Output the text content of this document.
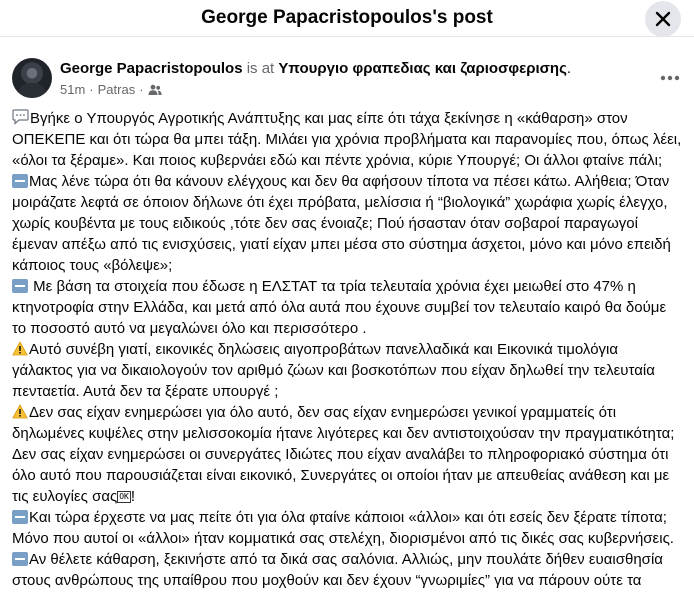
George Papacristopoulos's post
George Papacristopoulos is at Υπουργιο φραπεδιας και ζαριοσφερισης.
51m · Patras ·

Βγήκε ο Υπουργός Αγροτικής Ανάπτυξης και μας είπε ότι τάχα ξεκίνησε η «κάθαρση» στον ΟΠΕΚΕΠΕ και ότι τώρα θα μπει τάξη. Μιλάει για χρόνια προβλήματα και παρανομίες που, όπως λέει, «όλοι τα ξέραμε». Και ποιος κυβερνάει εδώ και πέντε χρόνια, κύριε Υπουργέ; Οι άλλοι φταίνε πάλι;

Μας λένε τώρα ότι θα κάνουν ελέγχους και δεν θα αφήσουν τίποτα να πέσει κάτω. Αλήθεια; Όταν μοιράζατε λεφτά σε όποιον δήλωνε ότι έχει πρόβατα, μελίσσια ή “βιολογικά” χωράφια χωρίς έλεγχο, χωρίς κουβέντα με τους ειδικούς ,τότε δεν σας ένοιαζε; Πού ήσασταν όταν σοβαροί παραγωγοί έμεναν απέξω από τις ενισχύσεις, γιατί είχαν μπει μέσα στο σύστημα άσχετοι, μόνο και μόνο επειδή κάποιος τους «βόλεψε»;

Με βάση τα στοιχεία που έδωσε η ΕΛΣΤΑΤ τα τρία τελευταία χρόνια έχει μειωθεί στο 47% η κτηνοτροφία στην Ελλάδα, και μετά από όλα αυτά που έχουνε συμβεί τον τελευταίο καιρό θα δούμε το ποσοστό αυτό να μεγαλώνει όλο και περισσότερο .

Αυτό συνέβη γιατί, εικονικές δηλώσεις αιγοπροβάτων πανελλαδικά και Εικονικά τιμολόγια γάλακτος για να δικαιολογούν τον αριθμό ζώων και βοσκοτόπων που είχαν δηλωθεί την τελευταία πενταετία. Αυτά δεν τα ξέρατε υπουργέ ;

Δεν σας είχαν ενημερώσει για όλο αυτό, δεν σας είχαν ενημερώσει γενικοί γραμματείς ότι δηλωμένες κυψέλες στην μελισσοκομία ήτανε λιγότερες και δεν αντιστοιχούσαν την πραγματικότητα; Δεν σας είχαν ενημερώσει οι συνεργάτες Ιδιώτες που είχαν αναλάβει το πληροφοριακό σύστημα ότι όλο αυτό που παρουσιάζεται είναι εικονικό, Συνεργάτες οι οποίοι ήταν με απευθείας ανάθεση και με τις ευλογίες σας OK !

Και τώρα έρχεστε να μας πείτε ότι για όλα φταίνε κάποιοι «άλλοι» και ότι εσείς δεν ξέρατε τίποτα; Μόνο που αυτοί οι «άλλοι» ήταν κομματικά σας στελέχη, διορισμένοι από τις δικές σας κυβερνήσεις.

Αν θέλετε κάθαρση, ξεκινήστε από τα δικά σας σαλόνια. Αλλιώς, μην πουλάτε δήθεν ευαισθησία στους ανθρώπους της υπαίθρου που μοχθούν και δεν έχουν “γνωριμίες” για να πάρουν ούτε τα
